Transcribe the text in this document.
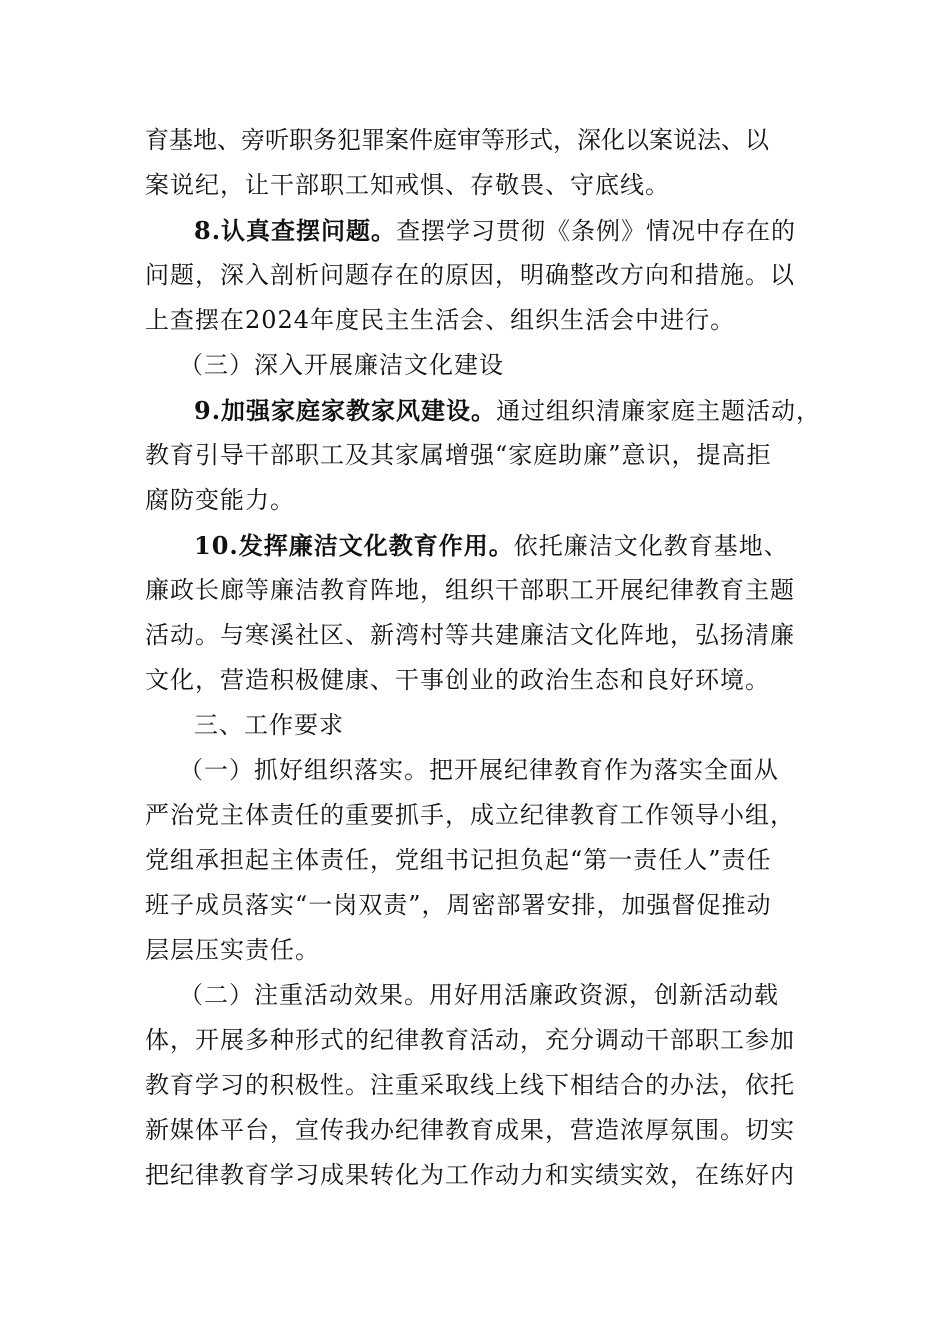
育基地、旁听职务犯罪案件庭审等形式，深化以案说法、以
案说纪，让干部职工知戒惧、存敬畏、守底线。
8.认真查摆问题。查摆学习贯彻《条例》情况中存在的
问题，深入剖析问题存在的原因，明确整改方向和措施。以
上查摆在2024年度民主生活会、组织生活会中进行。
（三）深入开展廉洁文化建设
9.加强家庭家教家风建设。通过组织清廉家庭主题活动，
教育引导干部职工及其家属增强“家庭助廉”意识，提高拒
腐防变能力。
10.发挥廉洁文化教育作用。依托廉洁文化教育基地、
廉政长廊等廉洁教育阵地，组织干部职工开展纪律教育主题
活动。与寒溪社区、新湾村等共建廉洁文化阵地，弘扬清廉
文化，营造积极健康、干事创业的政治生态和良好环境。
三、工作要求
（一）抓好组织落实。把开展纪律教育作为落实全面从
严治党主体责任的重要抓手，成立纪律教育工作领导小组，
党组承担起主体责任，党组书记担负起“第一责任人”责任
班子成员落实“一岗双责”，周密部署安排，加强督促推动
层层压实责任。
（二）注重活动效果。用好用活廉政资源，创新活动载
体，开展多种形式的纪律教育活动，充分调动干部职工参加
教育学习的积极性。注重采取线上线下相结合的办法，依托
新媒体平台，宣传我办纪律教育成果，营造浓厚氛围。切实
把纪律教育学习成果转化为工作动力和实绩实效，在练好内
